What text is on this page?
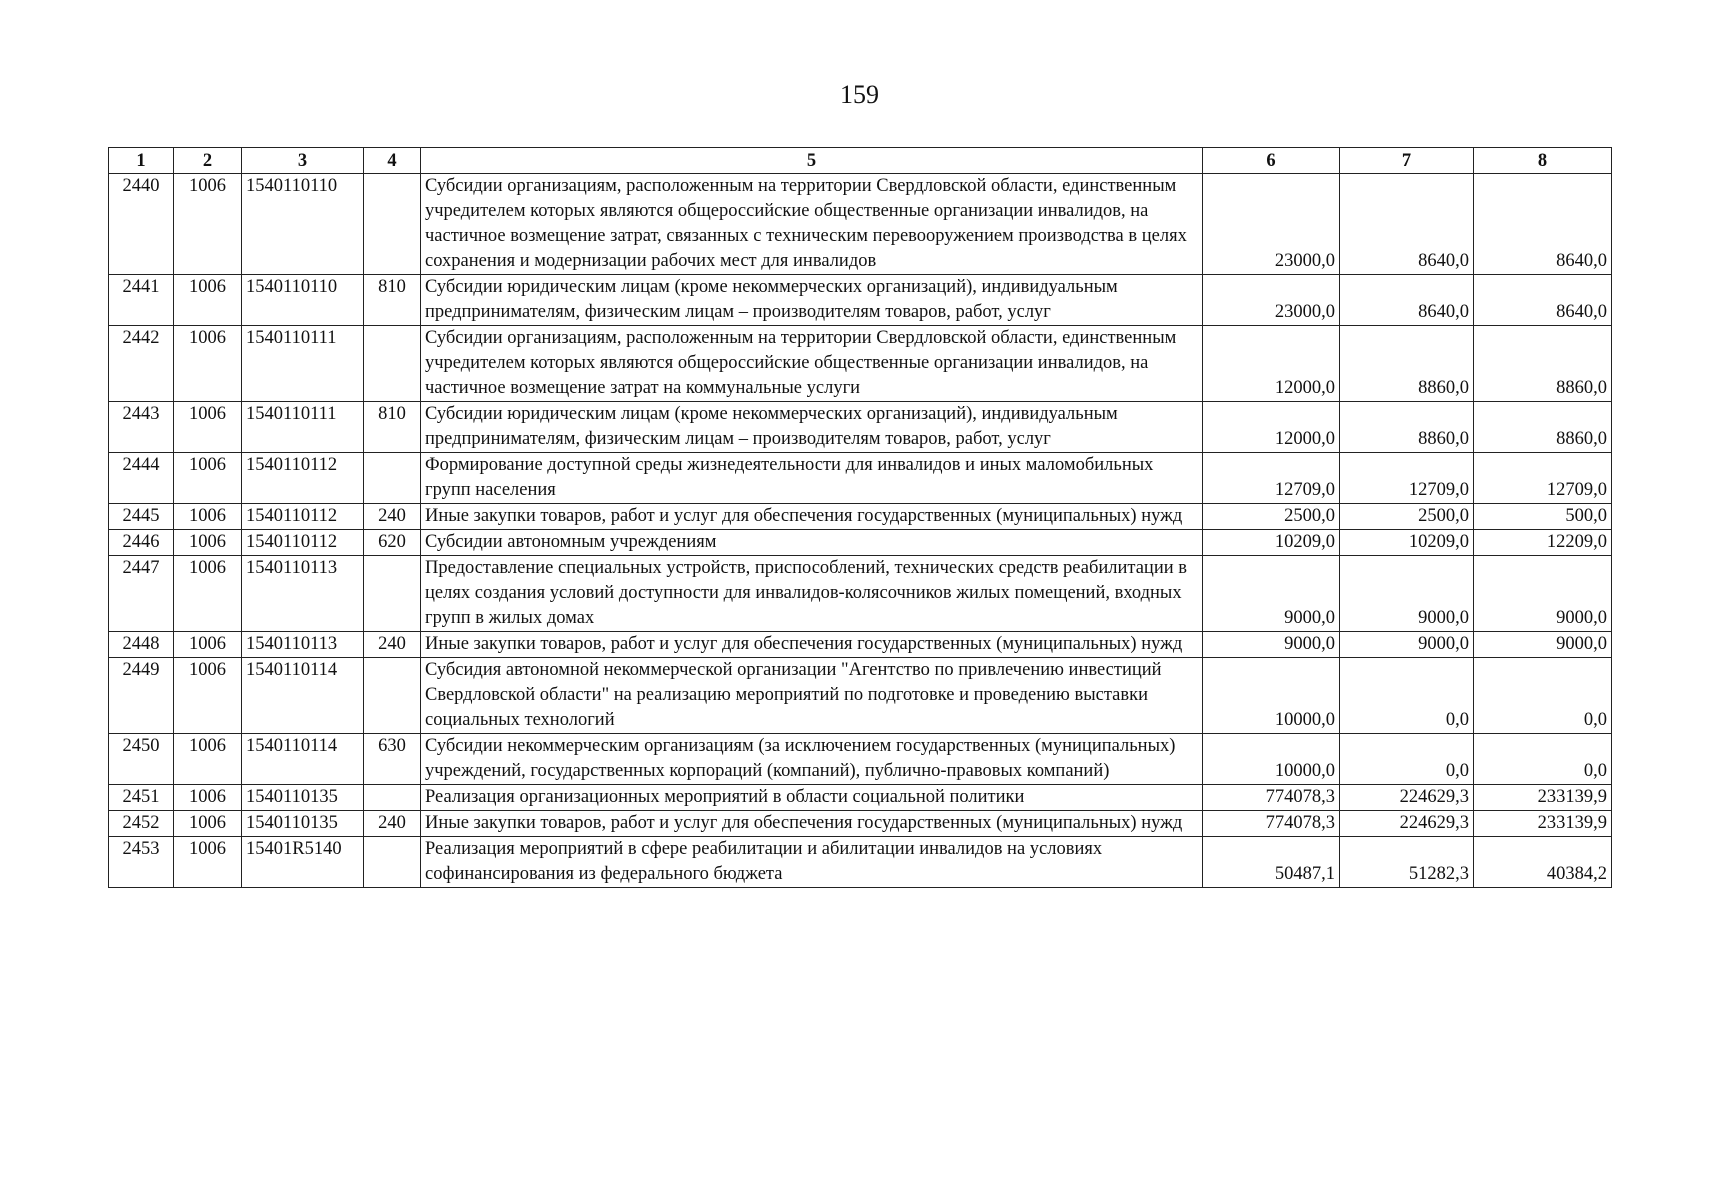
159
1	2	3	4	5	6	7	8
2440	1006	1540110110		Субсидии организациям, расположенным на территории Свердловской области, единственным учредителем которых являются общероссийские общественные организации инвалидов, на частичное возмещение затрат, связанных с техническим перевооружением производства в целях сохранения и модернизации рабочих мест для инвалидов	23000,0	8640,0	8640,0
2441	1006	1540110110	810	Субсидии юридическим лицам (кроме некоммерческих организаций), индивидуальным предпринимателям, физическим лицам – производителям товаров, работ, услуг	23000,0	8640,0	8640,0
2442	1006	1540110111		Субсидии организациям, расположенным на территории Свердловской области, единственным учредителем которых являются общероссийские общественные организации инвалидов, на частичное возмещение затрат на коммунальные услуги	12000,0	8860,0	8860,0
2443	1006	1540110111	810	Субсидии юридическим лицам (кроме некоммерческих организаций), индивидуальным предпринимателям, физическим лицам – производителям товаров, работ, услуг	12000,0	8860,0	8860,0
2444	1006	1540110112		Формирование доступной среды жизнедеятельности для инвалидов и иных маломобильных групп населения	12709,0	12709,0	12709,0
2445	1006	1540110112	240	Иные закупки товаров, работ и услуг для обеспечения государственных (муниципальных) нужд	2500,0	2500,0	500,0
2446	1006	1540110112	620	Субсидии автономным учреждениям	10209,0	10209,0	12209,0
2447	1006	1540110113		Предоставление специальных устройств, приспособлений, технических средств реабилитации в целях создания условий доступности для инвалидов-колясочников жилых помещений, входных групп в жилых домах	9000,0	9000,0	9000,0
2448	1006	1540110113	240	Иные закупки товаров, работ и услуг для обеспечения государственных (муниципальных) нужд	9000,0	9000,0	9000,0
2449	1006	1540110114		Субсидия автономной некоммерческой организации "Агентство по привлечению инвестиций Свердловской области" на реализацию мероприятий по подготовке и проведению выставки социальных технологий	10000,0	0,0	0,0
2450	1006	1540110114	630	Субсидии некоммерческим организациям (за исключением государственных (муниципальных) учреждений, государственных корпораций (компаний), публично-правовых компаний)	10000,0	0,0	0,0
2451	1006	1540110135		Реализация организационных мероприятий в области социальной политики	774078,3	224629,3	233139,9
2452	1006	1540110135	240	Иные закупки товаров, работ и услуг для обеспечения государственных (муниципальных) нужд	774078,3	224629,3	233139,9
2453	1006	15401R5140		Реализация мероприятий в сфере реабилитации и абилитации инвалидов на условиях софинансирования из федерального бюджета	50487,1	51282,3	40384,2
